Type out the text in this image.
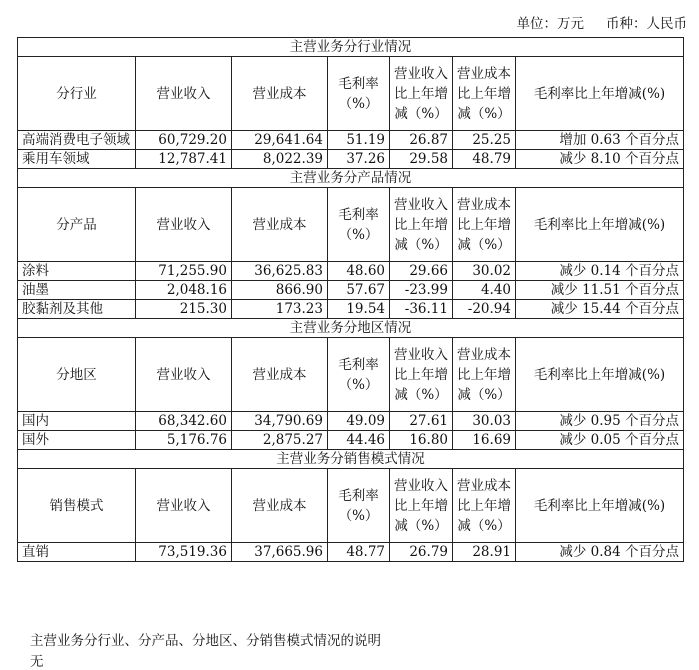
单位：万元 币种：人民币
主营业务分行业情况						
分行业	营业收入	营业成本	毛利率（%）	营业收入比上年增减（%）	营业成本比上年增减（%）	毛利率比上年增减(%)
高端消费电子领域	60,729.20	29,641.64	51.19	26.87	25.25	增加 0.63 个百分点
乘用车领域	12,787.41	8,022.39	37.26	29.58	48.79	减少 8.10 个百分点
主营业务分产品情况						
分产品	营业收入	营业成本	毛利率（%）	营业收入比上年增减（%）	营业成本比上年增减（%）	毛利率比上年增减(%)
涂料	71,255.90	36,625.83	48.60	29.66	30.02	减少 0.14 个百分点
油墨	2,048.16	866.90	57.67	-23.99	4.40	减少 11.51 个百分点
胶黏剂及其他	215.30	173.23	19.54	-36.11	-20.94	减少 15.44 个百分点
主营业务分地区情况						
分地区	营业收入	营业成本	毛利率（%）	营业收入比上年增减（%）	营业成本比上年增减（%）	毛利率比上年增减(%)
国内	68,342.60	34,790.69	49.09	27.61	30.03	减少 0.95 个百分点
国外	5,176.76	2,875.27	44.46	16.80	16.69	减少 0.05 个百分点
主营业务分销售模式情况						
销售模式	营业收入	营业成本	毛利率（%）	营业收入比上年增减（%）	营业成本比上年增减（%）	毛利率比上年增减(%)
直销	73,519.36	37,665.96	48.77	26.79	28.91	减少 0.84 个百分点
主营业务分行业、分产品、分地区、分销售模式情况的说明
无
